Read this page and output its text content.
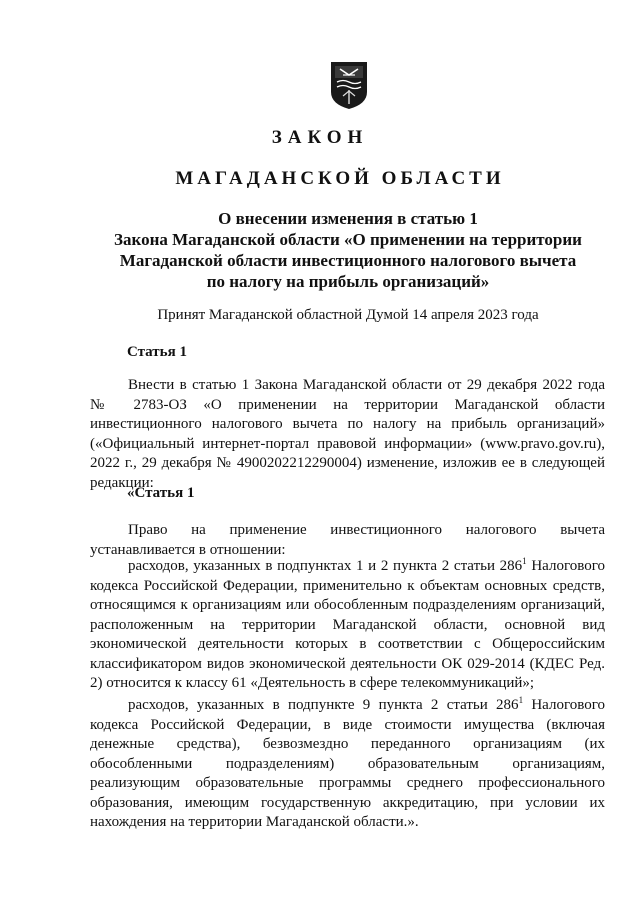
ЗАКОН
МАГАДАНСКОЙ ОБЛАСТИ
О внесении изменения в статью 1
Закона Магаданской области «О применении на территории
Магаданской области инвестиционного налогового вычета
по налогу на прибыль организаций»
Принят Магаданской областной Думой 14 апреля 2023 года
Статья 1
Внести в статью 1 Закона Магаданской области от 29 декабря 2022 года № 2783-ОЗ «О применении на территории Магаданской области инвестиционного налогового вычета по налогу на прибыль организаций» («Официальный интернет-портал правовой информации» (www.pravo.gov.ru), 2022 г., 29 декабря № 4900202212290004) изменение, изложив ее в следующей редакции:
«Статья 1
Право на применение инвестиционного налогового вычета устанавливается в отношении:
расходов, указанных в подпунктах 1 и 2 пункта 2 статьи $286^1$ Налогового кодекса Российской Федерации, применительно к объектам основных средств, относящимся к организациям или обособленным подразделениям организаций, расположенным на территории Магаданской области, основной вид экономической деятельности которых в соответствии с Общероссийским классификатором видов экономической деятельности ОК 029-2014 (КДЕС Ред. 2) относится к классу 61 «Деятельность в сфере телекоммуникаций»;
расходов, указанных в подпункте 9 пункта 2 статьи $286^1$ Налогового кодекса Российской Федерации, в виде стоимости имущества (включая денежные средства), безвозмездно переданного организациям (их обособленными подразделениям) образовательным организациям, реализующим образовательные программы среднего профессионального образования, имеющим государственную аккредитацию, при условии их нахождения на территории Магаданской области.».
